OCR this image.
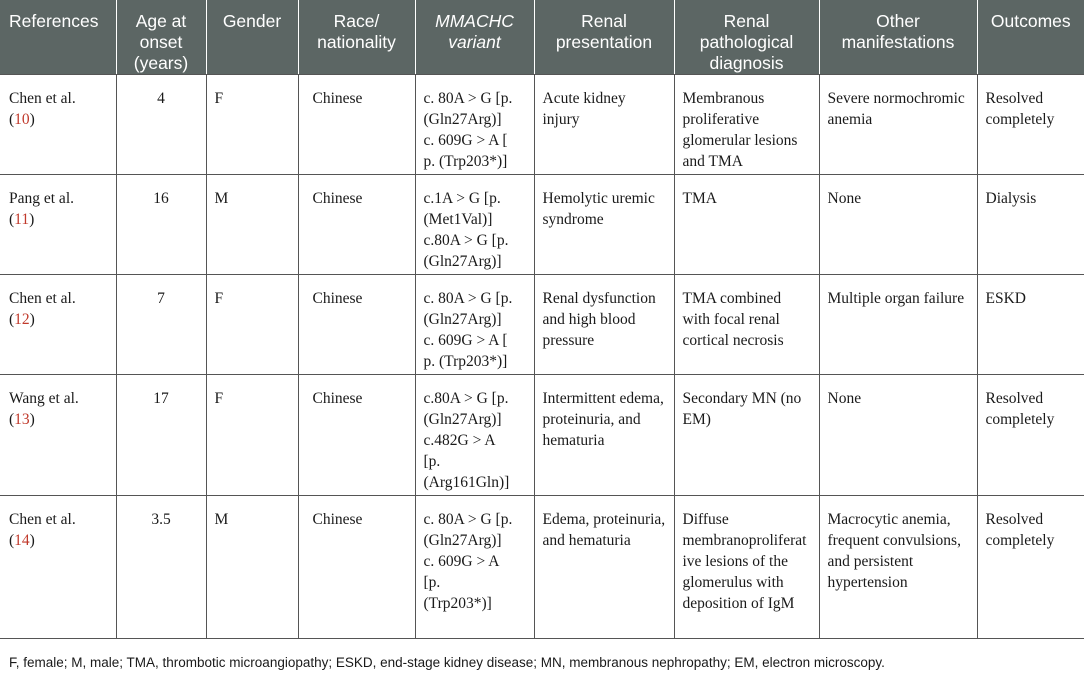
References	Age at onset (years)	Gender	Race/ nationality	MMACHC variant	Renal presentation	Renal pathological diagnosis	Other manifestations	Outcomes
Chen et al.
(10)	4	F	Chinese	c. 80A > G [p.
(Gln27Arg)]
c. 609G > A [
p. (Trp203*)]	Acute kidney injury	Membranous proliferative glomerular lesions and TMA	Severe normochromic anemia	Resolved completely
Pang et al.
(11)	16	M	Chinese	c.1A > G [p.
(Met1Val)]
c.80A > G [p.
(Gln27Arg)]	Hemolytic uremic syndrome	TMA	None	Dialysis
Chen et al.
(12)	7	F	Chinese	c. 80A > G [p.
(Gln27Arg)]
c. 609G > A [
p. (Trp203*)]	Renal dysfunction and high blood pressure	TMA combined with focal renal cortical necrosis	Multiple organ failure	ESKD
Wang et al.
(13)	17	F	Chinese	c.80A > G [p.
(Gln27Arg)]
c.482G > A
[p.
(Arg161Gln)]	Intermittent edema, proteinuria, and hematuria	Secondary MN (no EM)	None	Resolved completely
Chen et al.
(14)	3.5	M	Chinese	c. 80A > G [p.
(Gln27Arg)]
c. 609G > A
[p.
(Trp203*)]	Edema, proteinuria, and hematuria	Diffuse membranoproliferative lesions of the glomerulus with deposition of IgM	Macrocytic anemia, frequent convulsions, and persistent hypertension	Resolved completely
F, female; M, male; TMA, thrombotic microangiopathy; ESKD, end-stage kidney disease; MN, membranous nephropathy; EM, electron microscopy.
